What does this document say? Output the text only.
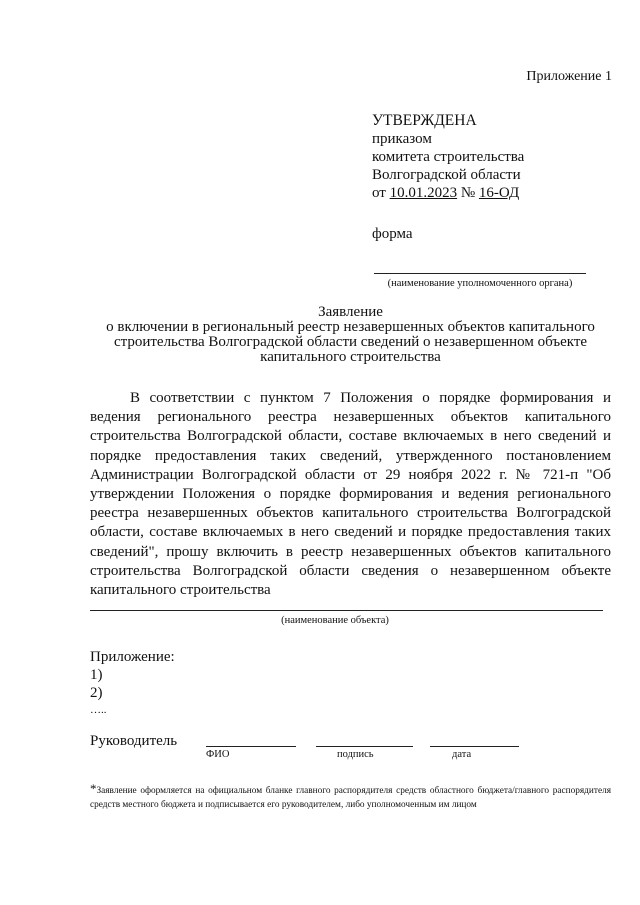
Приложение 1
УТВЕРЖДЕНА
приказом
комитета строительства
Волгоградской области
от 10.01.2023 № 16-ОД
форма
(наименование уполномоченного органа)
Заявление
о включении в региональный реестр незавершенных объектов капитального
строительства Волгоградской области сведений о незавершенном объекте
капитального строительства
В соответствии с пунктом 7 Положения о порядке формирования и ведения регионального реестра незавершенных объектов капитального строительства Волгоградской области, составе включаемых в него сведений и порядке предоставления таких сведений, утвержденного постановлением Администрации Волгоградской области от 29 ноября 2022 г. № 721-п "Об утверждении Положения о порядке формирования и ведения регионального реестра незавершенных объектов капитального строительства Волгоградской области, составе включаемых в него сведений и порядке предоставления таких сведений", прошу включить в реестр незавершенных объектов капитального строительства Волгоградской области сведения о незавершенном объекте капитального строительства
(наименование объекта)
Приложение:
1)
2)
…..
Руководитель
ФИО	подпись	дата
*Заявление оформляется на официальном бланке главного распорядителя средств областного бюджета/главного распорядителя средств местного бюджета и подписывается его руководителем, либо уполномоченным им лицом
